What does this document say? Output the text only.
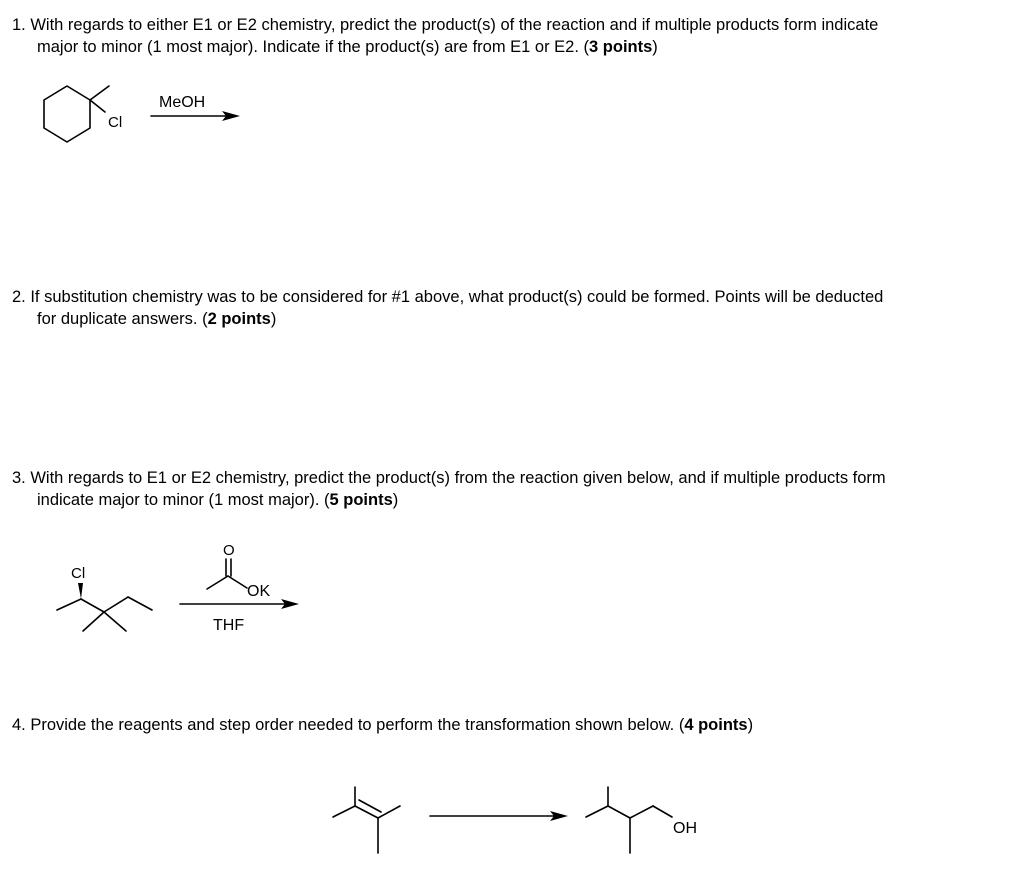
1. With regards to either E1 or E2 chemistry, predict the product(s) of the reaction and if multiple products form indicate
major to minor (1 most major). Indicate if the product(s) are from E1 or E2. (3 points)
Cl
MeOH
2. If substitution chemistry was to be considered for #1 above, what product(s) could be formed. Points will be deducted
for duplicate answers. (2 points)
3. With regards to E1 or E2 chemistry, predict the product(s) from the reaction given below, and if multiple products form
indicate major to minor (1 most major). (5 points)
Cl
O
OK
THF
4. Provide the reagents and step order needed to perform the transformation shown below. (4 points)
OH
